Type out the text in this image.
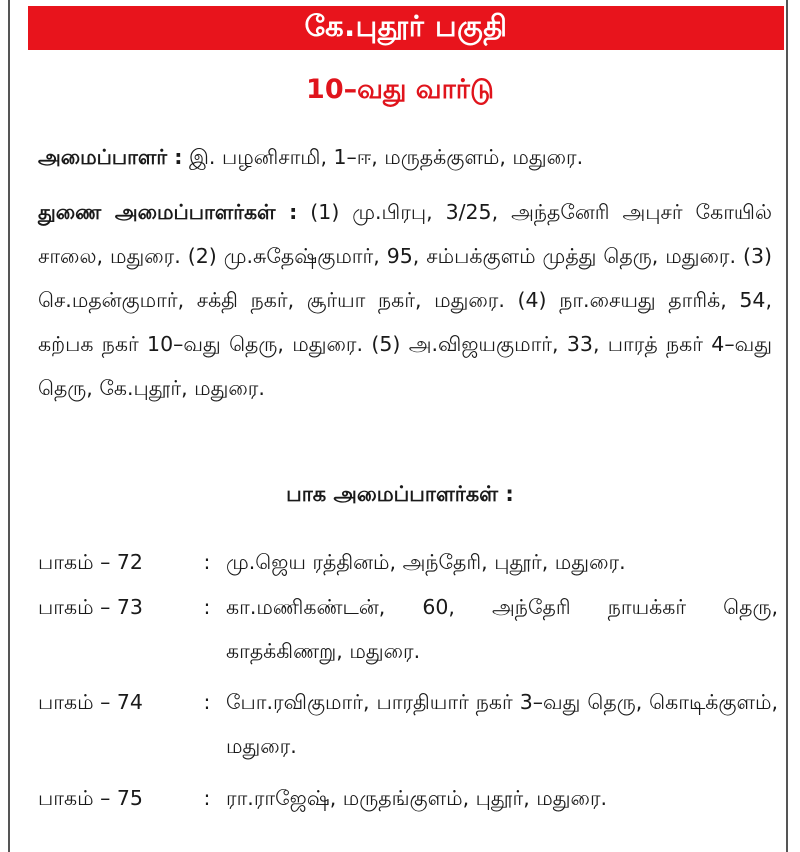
கே.புதூர் பகுதி
10–வது வார்டு
அமைப்பாளர் : இ. பழனிசாமி, 1–ஈ, மருதக்குளம், மதுரை.
துணை அமைப்பாளர்கள் : (1) மு.பிரபு, 3/25, அந்தனேரி அபுசர் கோயில் சாலை, மதுரை. (2) மு.சுதேஷ்குமார், 95, சம்பக்குளம் முத்து தெரு, மதுரை. (3) செ.மதன்குமார், சக்தி நகர், சூர்யா நகர், மதுரை. (4) நா.சையது தாரிக், 54, கற்பக நகர் 10–வது தெரு, மதுரை. (5) அ.விஜயகுமார், 33, பாரத் நகர் 4–வது தெரு, கே.புதூர், மதுரை.
பாக அமைப்பாளர்கள் :
பாகம் – 72	: மு.ஜெய ரத்தினம், அந்தேரி, புதூர், மதுரை.
பாகம் – 73	: கா.மணிகண்டன், 60, அந்தேரி நாயக்கர் தெரு, காதக்கிணறு, மதுரை.
பாகம் – 74	: போ.ரவிகுமார், பாரதியார் நகர் 3–வது தெரு, கொடிக்குளம், மதுரை.
பாகம் – 75	: ரா.ராஜேஷ், மருதங்குளம், புதூர், மதுரை.
